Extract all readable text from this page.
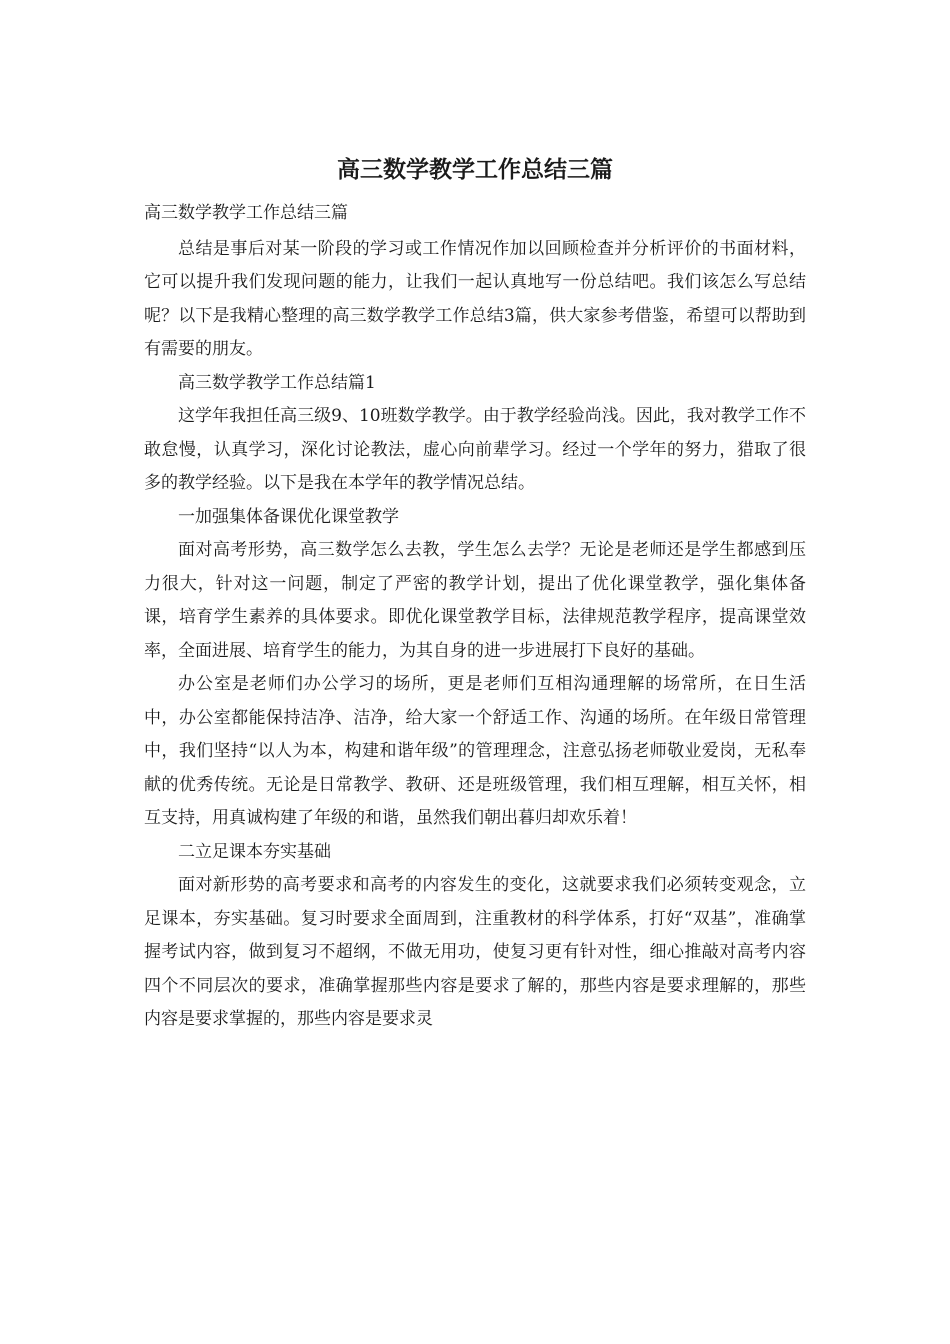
高三数学教学工作总结三篇

高三数学教学工作总结三篇

总结是事后对某一阶段的学习或工作情况作加以回顾检查并分析评价的书面材料，它可以提升我们发现问题的能力，让我们一起认真地写一份总结吧。我们该怎么写总结呢？以下是我精心整理的高三数学教学工作总结3篇，供大家参考借鉴，希望可以帮助到有需要的朋友。

高三数学教学工作总结篇1

这学年我担任高三级9、10班数学教学。由于教学经验尚浅。因此，我对教学工作不敢怠慢，认真学习，深化讨论教法，虚心向前辈学习。经过一个学年的努力，猎取了很多的教学经验。以下是我在本学年的教学情况总结。

一加强集体备课优化课堂教学

面对高考形势，高三数学怎么去教，学生怎么去学？无论是老师还是学生都感到压力很大，针对这一问题，制定了严密的教学计划，提出了优化课堂教学，强化集体备课，培育学生素养的具体要求。即优化课堂教学目标，法律规范教学程序，提高课堂效率，全面进展、培育学生的能力，为其自身的进一步进展打下良好的基础。

办公室是老师们办公学习的场所，更是老师们互相沟通理解的场常所，在日生活中，办公室都能保持洁净、洁净，给大家一个舒适工作、沟通的场所。在年级日常管理中，我们坚持“以人为本，构建和谐年级”的管理理念，注意弘扬老师敬业爱岗，无私奉献的优秀传统。无论是日常教学、教研、还是班级管理，我们相互理解，相互关怀，相互支持，用真诚构建了年级的和谐，虽然我们朝出暮归却欢乐着！

二立足课本夯实基础

面对新形势的高考要求和高考的内容发生的变化，这就要求我们必须转变观念，立足课本，夯实基础。复习时要求全面周到，注重教材的科学体系，打好“双基”，准确掌握考试内容，做到复习不超纲，不做无用功，使复习更有针对性，细心推敲对高考内容四个不同层次的要求，准确掌握那些内容是要求了解的，那些内容是要求理解的，那些内容是要求掌握的，那些内容是要求灵
